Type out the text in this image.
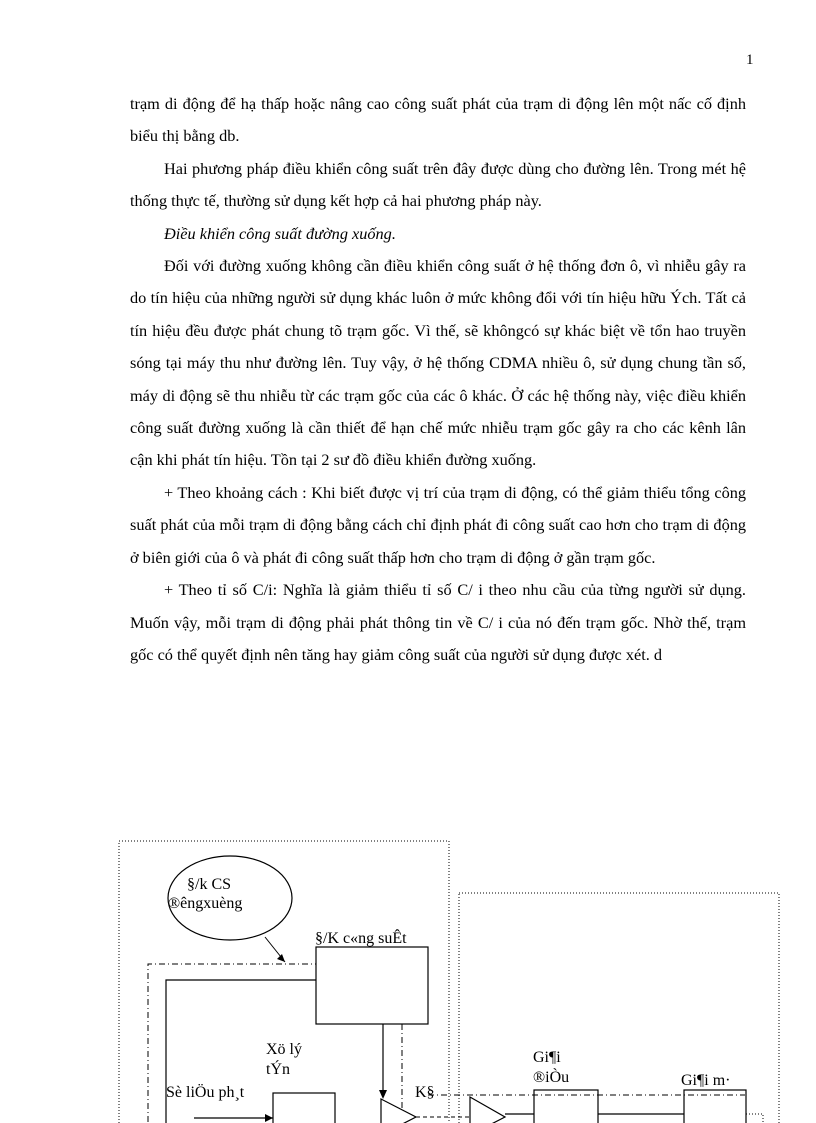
1

trạm di động để hạ thấp hoặc nâng cao công suất phát của trạm di động lên một nấc cố định biểu thị bằng db.

Hai phương pháp điều khiển công suất trên đây được dùng cho đường lên. Trong mét hệ thống thực tế, thường sử dụng kết hợp cả hai phương pháp này.

Điều khiển công suất đường xuống.

Đối với đường xuống không cần điều khiển công suất ở hệ thống đơn ô, vì nhiễu gây ra do tín hiệu của những người sử dụng khác luôn ở mức không đổi với tín hiệu hữu Ých. Tất cả tín hiệu đều được phát chung tõ trạm gốc. Vì thế, sẽ khôngcó sự khác biệt về tổn hao truyền sóng tại máy thu như đường lên. Tuy vậy, ở hệ thống CDMA nhiều ô, sử dụng chung tần số, máy di động sẽ thu nhiễu từ các trạm gốc của các ô khác. Ở các hệ thống này, việc điều khiển công suất đường xuống là cần thiết để hạn chế mức nhiễu trạm gốc gây ra cho các kênh lân cận khi phát tín hiệu. Tồn tại 2 sư đồ điều khiển đường xuống.

+ Theo khoảng cách : Khi biết được vị trí của trạm di động, có thể giảm thiểu tổng công suất phát của mỗi trạm di động bằng cách chỉ định phát đi công suất cao hơn cho trạm di động ở biên giới của ô và phát đi công suất thấp hơn cho trạm di động ở gần trạm gốc.

+ Theo tỉ số C/i: Nghĩa là giảm thiểu tỉ số C/ i theo nhu cầu của từng người sử dụng. Muốn vậy, mỗi trạm di động phải phát thông tin về C/ i của nó đến trạm gốc. Nhờ thế, trạm gốc có thể quyết định nên tăng hay giảm công suất của người sử dụng được xét. d

§/k CS
®êngxuèng
§/K c«ng suÊt
Xö lý
tÝn
Sè liÖu ph¸t	K§
Gi¶i
®iÒu	Gi¶i m·
